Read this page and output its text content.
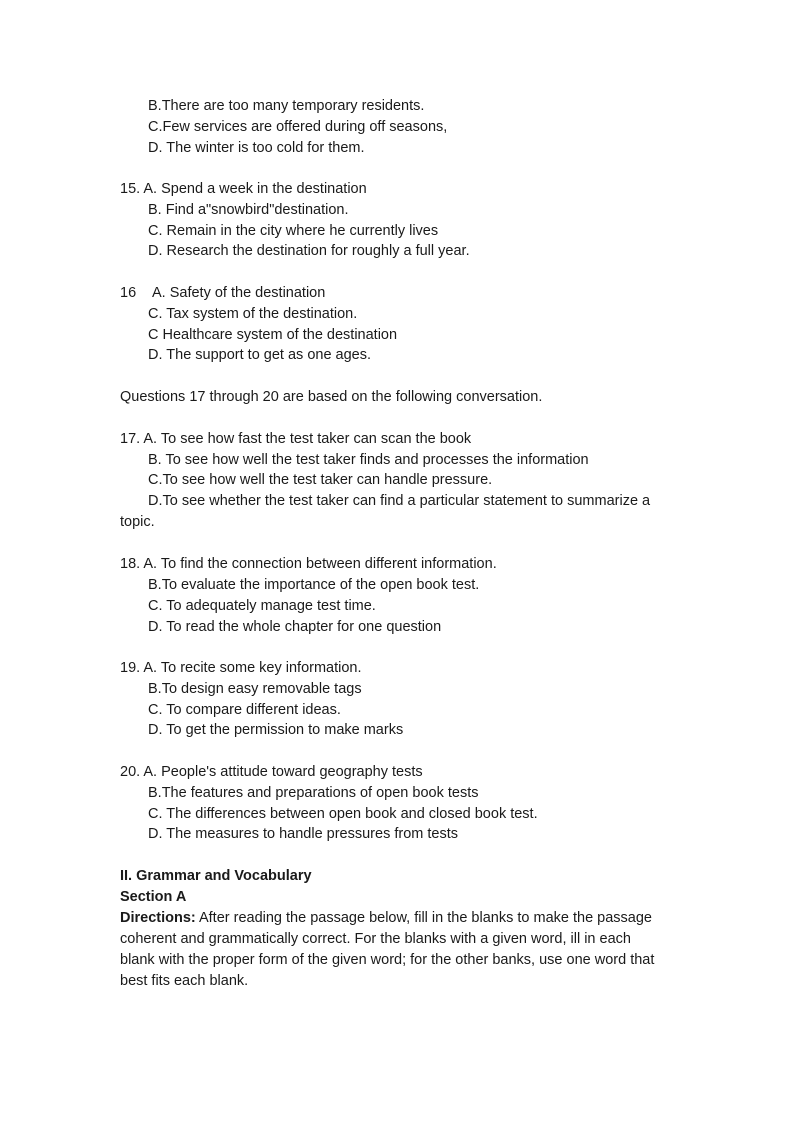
B.There are too many temporary residents.
C.Few services are offered during off seasons,
D. The winter is too cold for them.
15. A. Spend a week in the destination
B. Find a"snowbird"destination.
C. Remain in the city where he currently lives
D. Research the destination for roughly a full year.
16 A. Safety of the destination
C. Tax system of the destination.
C Healthcare system of the destination
D. The support to get as one ages.
Questions 17 through 20 are based on the following conversation.
17. A. To see how fast the test taker can scan the book
B. To see how well the test taker finds and processes the information
C.To see how well the test taker can handle pressure.
D.To see whether the test taker can find a particular statement to summarize a
topic.
18. A. To find the connection between different information.
B.To evaluate the importance of the open book test.
C. To adequately manage test time.
D. To read the whole chapter for one question
19. A. To recite some key information.
B.To design easy removable tags
C. To compare different ideas.
D. To get the permission to make marks
20. A. People's attitude toward geography tests
B.The features and preparations of open book tests
C. The differences between open book and closed book test.
D. The measures to handle pressures from tests
II. Grammar and Vocabulary
Section A
Directions: After reading the passage below, fill in the blanks to make the passage coherent and grammatically correct. For the blanks with a given word, ill in each blank with the proper form of the given word; for the other banks, use one word that best fits each blank.
